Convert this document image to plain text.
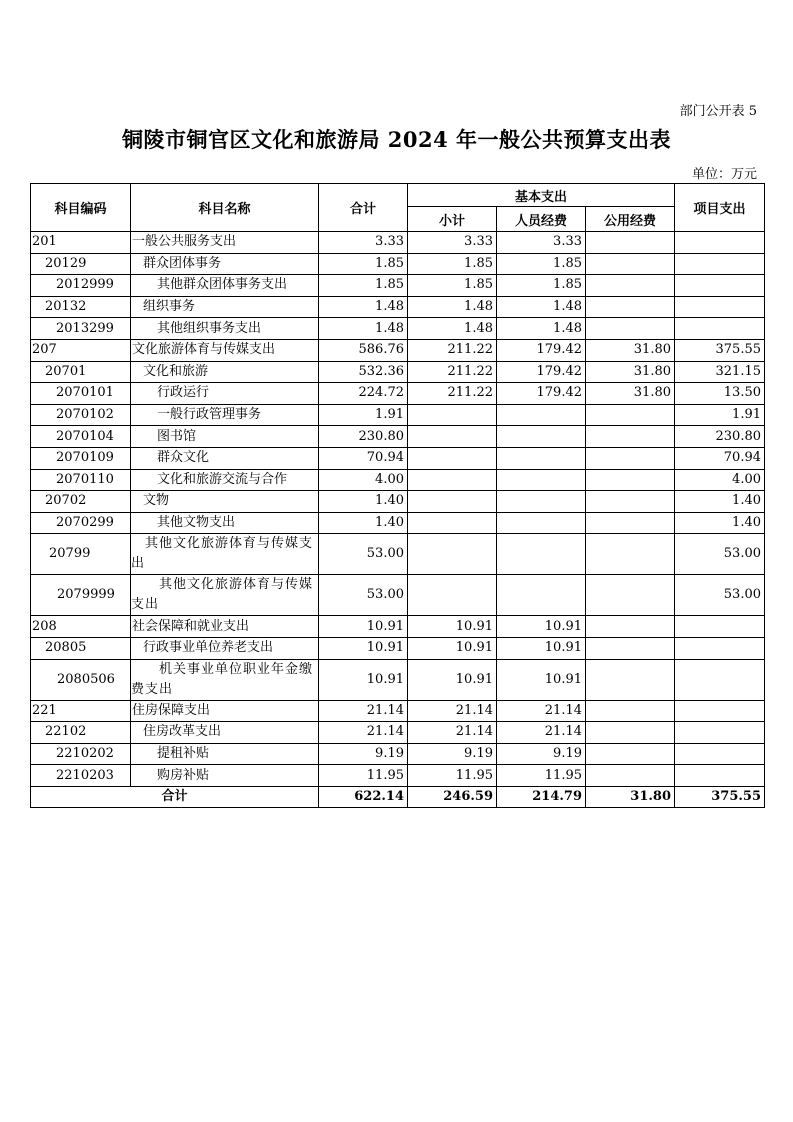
部门公开表 5
铜陵市铜官区文化和旅游局 2024 年一般公共预算支出表
单位：万元
科目编码	科目名称	合计	基本支出			项目支出
			小计	人员经费	公用经费	
201	一般公共服务支出	3.33	3.33	3.33		
20129	群众团体事务	1.85	1.85	1.85		
2012999	其他群众团体事务支出	1.85	1.85	1.85		
20132	组织事务	1.48	1.48	1.48		
2013299	其他组织事务支出	1.48	1.48	1.48		
207	文化旅游体育与传媒支出	586.76	211.22	179.42	31.80	375.55
20701	文化和旅游	532.36	211.22	179.42	31.80	321.15
2070101	行政运行	224.72	211.22	179.42	31.80	13.50
2070102	一般行政管理事务	1.91				1.91
2070104	图书馆	230.80				230.80
2070109	群众文化	70.94				70.94
2070110	文化和旅游交流与合作	4.00				4.00
20702	文物	1.40				1.40
2070299	其他文物支出	1.40				1.40
20799	其他文化旅游体育与传媒支出	53.00				53.00
2079999	其他文化旅游体育与传媒支出	53.00				53.00
208	社会保障和就业支出	10.91	10.91	10.91		
20805	行政事业单位养老支出	10.91	10.91	10.91		
2080506	机关事业单位职业年金缴费支出	10.91	10.91	10.91		
221	住房保障支出	21.14	21.14	21.14		
22102	住房改革支出	21.14	21.14	21.14		
2210202	提租补贴	9.19	9.19	9.19		
2210203	购房补贴	11.95	11.95	11.95		
合计		622.14	246.59	214.79	31.80	375.55
